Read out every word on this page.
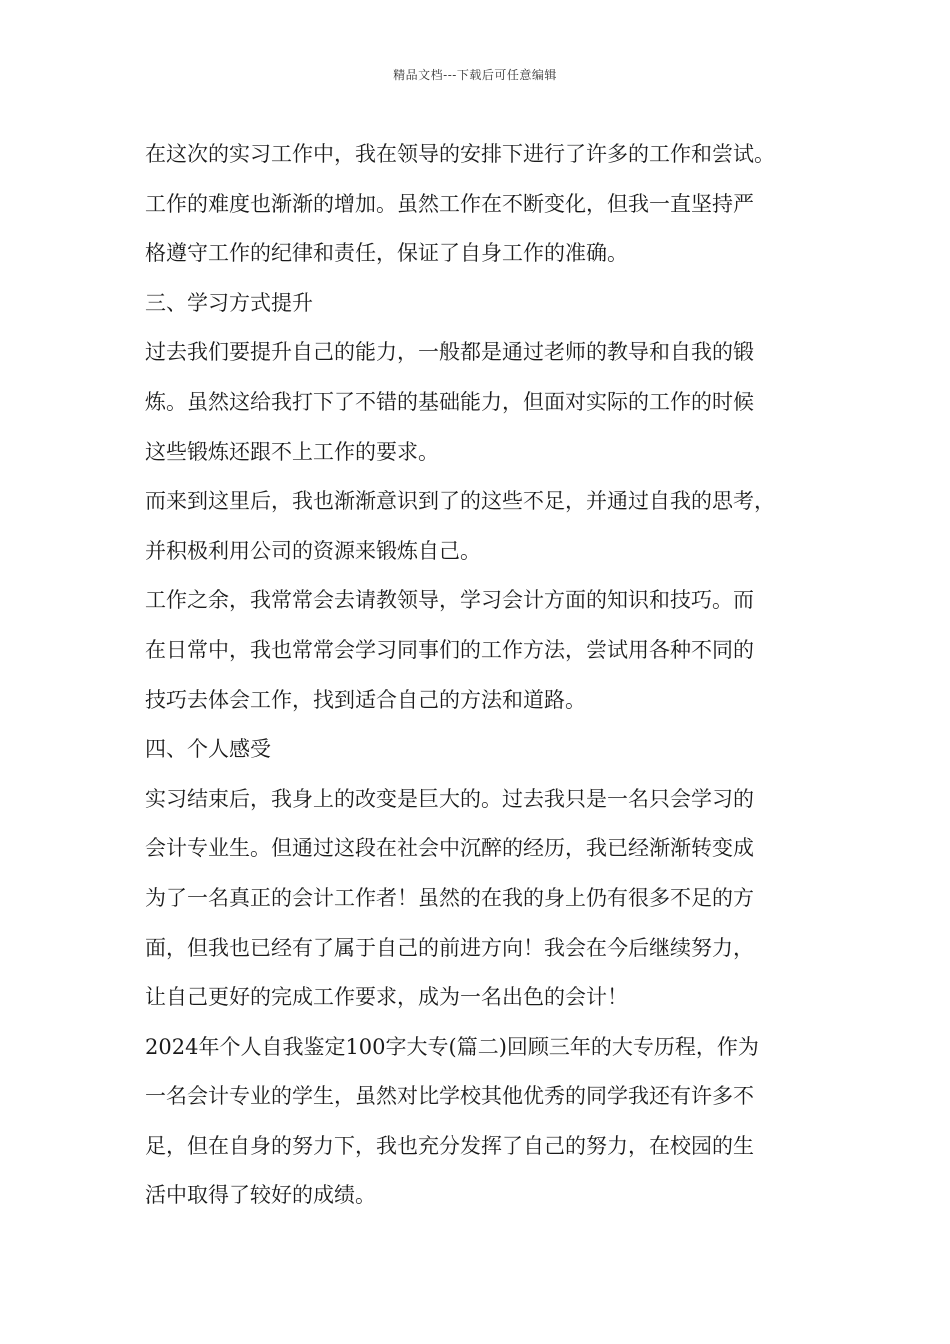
精品文档---下载后可任意编辑
在这次的实习工作中，我在领导的安排下进行了许多的工作和尝试。
工作的难度也渐渐的增加。虽然工作在不断变化，但我一直坚持严
格遵守工作的纪律和责任，保证了自身工作的准确。
三、学习方式提升
过去我们要提升自己的能力，一般都是通过老师的教导和自我的锻
炼。虽然这给我打下了不错的基础能力，但面对实际的工作的时候
这些锻炼还跟不上工作的要求。
而来到这里后，我也渐渐意识到了的这些不足，并通过自我的思考，
并积极利用公司的资源来锻炼自己。
工作之余，我常常会去请教领导，学习会计方面的知识和技巧。而
在日常中，我也常常会学习同事们的工作方法，尝试用各种不同的
技巧去体会工作，找到适合自己的方法和道路。
四、个人感受
实习结束后，我身上的改变是巨大的。过去我只是一名只会学习的
会计专业生。但通过这段在社会中沉醉的经历，我已经渐渐转变成
为了一名真正的会计工作者！虽然的在我的身上仍有很多不足的方
面，但我也已经有了属于自己的前进方向！我会在今后继续努力，
让自己更好的完成工作要求，成为一名出色的会计！
2024年个人自我鉴定100字大专(篇二)回顾三年的大专历程，作为
一名会计专业的学生，虽然对比学校其他优秀的同学我还有许多不
足，但在自身的努力下，我也充分发挥了自己的努力，在校园的生
活中取得了较好的成绩。
